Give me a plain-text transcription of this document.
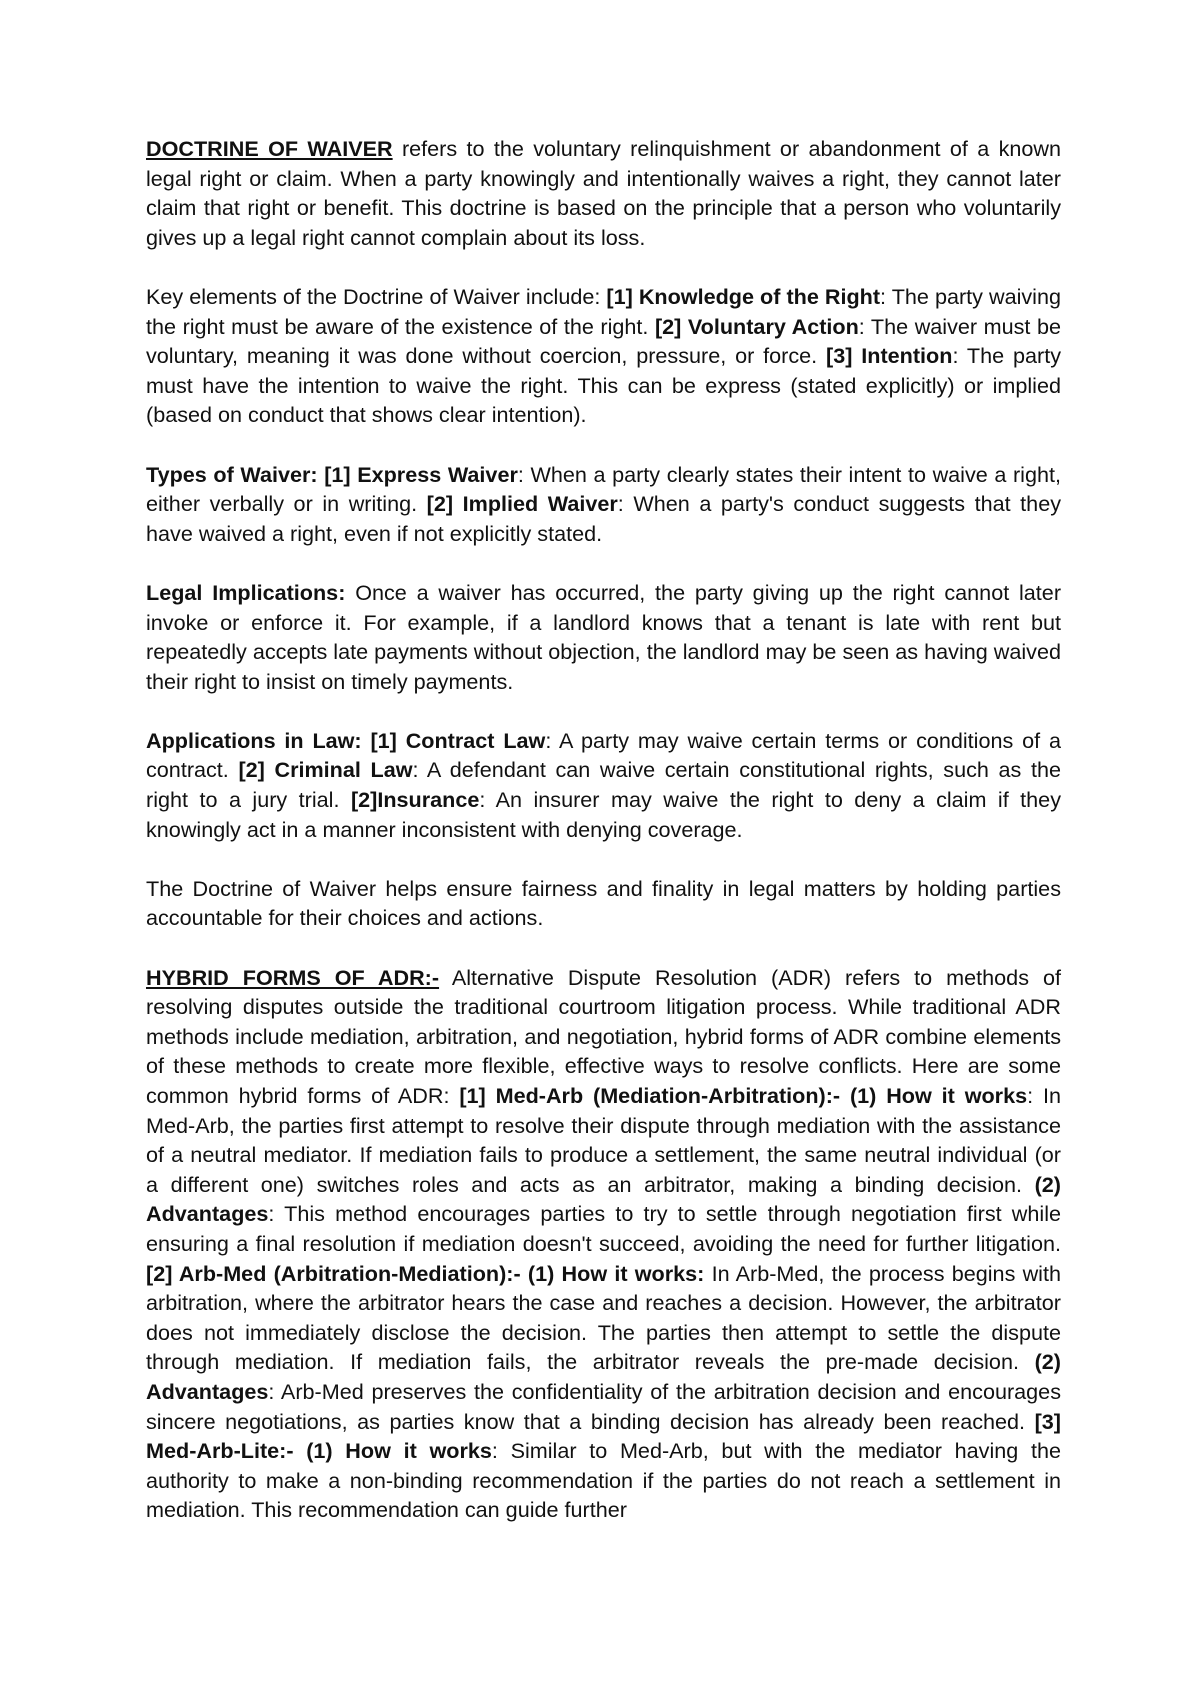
DOCTRINE OF WAIVER refers to the voluntary relinquishment or abandonment of a known legal right or claim. When a party knowingly and intentionally waives a right, they cannot later claim that right or benefit. This doctrine is based on the principle that a person who voluntarily gives up a legal right cannot complain about its loss.

Key elements of the Doctrine of Waiver include: [1] Knowledge of the Right: The party waiving the right must be aware of the existence of the right. [2] Voluntary Action: The waiver must be voluntary, meaning it was done without coercion, pressure, or force. [3] Intention: The party must have the intention to waive the right. This can be express (stated explicitly) or implied (based on conduct that shows clear intention).

Types of Waiver: [1] Express Waiver: When a party clearly states their intent to waive a right, either verbally or in writing. [2] Implied Waiver: When a party's conduct suggests that they have waived a right, even if not explicitly stated.

Legal Implications: Once a waiver has occurred, the party giving up the right cannot later invoke or enforce it. For example, if a landlord knows that a tenant is late with rent but repeatedly accepts late payments without objection, the landlord may be seen as having waived their right to insist on timely payments.

Applications in Law: [1] Contract Law: A party may waive certain terms or conditions of a contract. [2] Criminal Law: A defendant can waive certain constitutional rights, such as the right to a jury trial. [2]Insurance: An insurer may waive the right to deny a claim if they knowingly act in a manner inconsistent with denying coverage.

The Doctrine of Waiver helps ensure fairness and finality in legal matters by holding parties accountable for their choices and actions.

HYBRID FORMS OF ADR:- Alternative Dispute Resolution (ADR) refers to methods of resolving disputes outside the traditional courtroom litigation process. While traditional ADR methods include mediation, arbitration, and negotiation, hybrid forms of ADR combine elements of these methods to create more flexible, effective ways to resolve conflicts. Here are some common hybrid forms of ADR: [1] Med-Arb (Mediation-Arbitration):- (1) How it works: In Med-Arb, the parties first attempt to resolve their dispute through mediation with the assistance of a neutral mediator. If mediation fails to produce a settlement, the same neutral individual (or a different one) switches roles and acts as an arbitrator, making a binding decision. (2) Advantages: This method encourages parties to try to settle through negotiation first while ensuring a final resolution if mediation doesn't succeed, avoiding the need for further litigation. [2] Arb-Med (Arbitration-Mediation):- (1) How it works: In Arb-Med, the process begins with arbitration, where the arbitrator hears the case and reaches a decision. However, the arbitrator does not immediately disclose the decision. The parties then attempt to settle the dispute through mediation. If mediation fails, the arbitrator reveals the pre-made decision. (2) Advantages: Arb-Med preserves the confidentiality of the arbitration decision and encourages sincere negotiations, as parties know that a binding decision has already been reached. [3] Med-Arb-Lite:- (1) How it works: Similar to Med-Arb, but with the mediator having the authority to make a non-binding recommendation if the parties do not reach a settlement in mediation. This recommendation can guide further
